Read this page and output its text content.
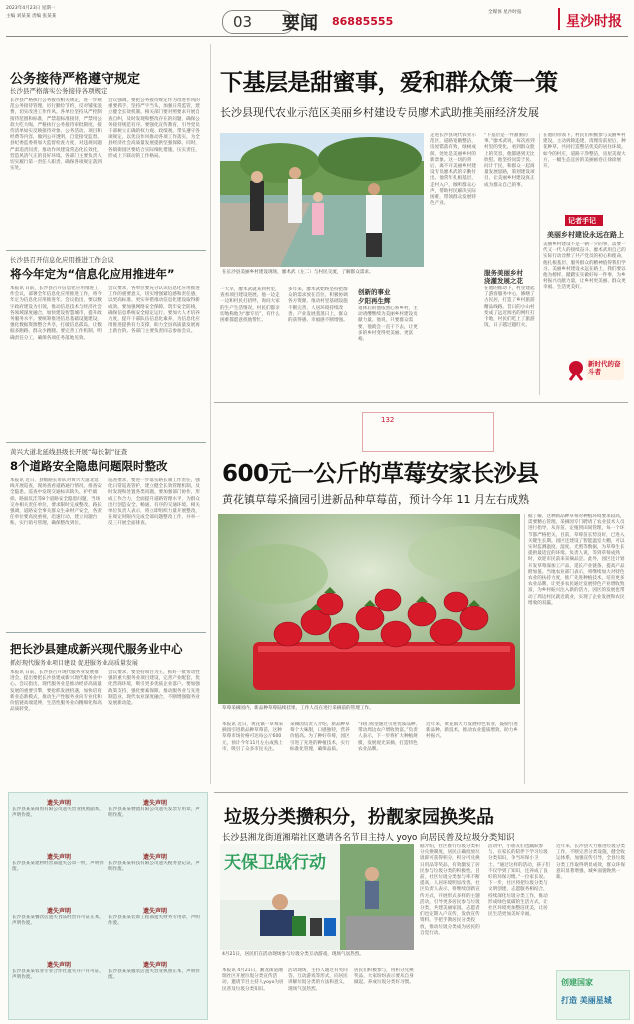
2023年4月23日 星期一
主编 刘某某 责编 张某某	03 要闻 86885555
全媒体 星沙时报
星沙时报
公务接待严格遵守规定
长沙县严格落实公务接待各项规定
长沙县严格执行公务接待相关规定，进一步规范公务接待管理，厉行勤俭节约，反对铺张浪费，切实改进工作作风。各单位坚持从严控制接待范围和标准，严禁超标准接待，严禁用公款大吃大喝，严格执行公务接待审批制度，接待清单如实反映接待对象、公务活动、项目和经费等内容，做到公开透明，自觉接受监督。县纪委监委将加大监督检查力度，对违规问题严肃追责问责，推动作风建设常态化长效化，营造风清气正的良好环境。各部门主要负责人切实履行第一责任人职责，确保各项规定落到实处。
会议强调，要把公务接待规定作为改进作风的重要抓手，坚持严字当头，加强日常监管，建立健全长效机制。相关部门要对照要求开展自查自纠，及时发现和整改存在的问题，确保公务接待规范有序。要强化宣传教育，引导党员干部树立正确的权力观、政绩观，带头遵守各项规定，以优良作风推动各项工作落实，为全县经济社会高质量发展提供坚强保障。同时，各镇街园区要结合实际细化措施，压实责任，形成上下联动的工作格局。
长沙县召开信息化应用推进工作会议
将今年定为“信息化应用推进年”
本报讯 日前，长沙县召开信息化应用推进工作会议，部署全年信息化应用推进工作，将今年定为信息化应用推进年。会议指出，要以数字政府建设为引领，推动信息技术与经济社会各领域深度融合，加快建设智慧城市，提升政务服务水平。要统筹推进信息基础设施建设，强化数据资源整合共享，打破信息孤岛，让数据多跑路、群众少跑腿。要完善工作机制，明确责任分工，确保各项任务落地见效。
会议要求，各单位要充分认识信息化应用推进工作的重要意义，切实增强紧迫感和责任感，以更高标准、更实举措推动信息化建设取得新成效。要加强网络安全保障，筑牢安全防线，确保信息系统安全稳定运行。要加大人才培养力度，提升干部队伍信息化素养，为信息化应用推进提供有力支撑，助力全县高质量发展再上新台阶。各部门主要负责同志参加会议。
黄兴大道北延线县级长开展“每长制”征查
8个道路安全隐患问题限时整改
本报讯 近日，县级路长带队对黄兴大道北延线开展巡查，现场查看道路通行情况，排查安全隐患。巡查中发现交通标识缺失、护栏破损、路面坑洼等8个道路安全隐患问题，当场交办相关责任单位，要求限时完成整改。路长强调，道路安全事关群众生命财产安全，各责任单位要高度重视，迅速行动，建立问题台账，实行销号管理，确保整改到位。
巡查要求，要进一步落实路长制工作责任，强化日常巡查管护，建立健全长效管理机制，及时发现和处置各类问题。要加强部门协作，形成工作合力，全面提升道路管理水平，为群众出行创造安全、畅通、有序的交通环境。相关单位负责人表示，将立即组织力量开展整改，在规定时限内完成全部问题整改工作，并举一反三开展全面排查。
把长沙县建成新兴现代服务业中心
抓好现代服务业项目建设 促进服务业高质量发展
本报讯 日前，长沙县召开现代服务业发展推进会，提出要把长沙县建成新兴现代服务业中心。会议指出，现代服务业是推动经济高质量发展的重要引擎，要抢抓发展机遇，加快培育新业态新模式，推动生产性服务业向专业化和价值链高端延伸，生活性服务业向精细化和高品质转变。
会议要求，要坚持项目为王，抓好一批带动性强的重大服务业项目建设，完善产业配套，优化营商环境，吸引更多优质企业落户。要加强政策支持，强化要素保障，推动服务业与先进制造业、现代农业深度融合，不断增强服务业发展新动能。
下基层是甜蜜事，爱和群众策一策
长沙县现代农业示范区美丽乡村建设专员廖术武助推美丽经济发展
在长沙县美丽乡村建设现场，廖术武（左二）与村民交流，了解群众需求。
走进长沙县现代农业示范区，道路宽敞整洁，房屋错落有致，绿树成荫，处处是美丽乡村的新景象。这一切的背后，离不开美丽乡村建设专员廖术武的辛勤付出。他常年扎根基层，走村入户，倾听群众心声，帮助村民解决实际困难，带领群众发展特色产业。
“下基层是一件甜蜜的事。”廖术武说，每次看到村里的变化，看到群众脸上的笑容，他都感到无比欣慰。他坚持问需于民、问计于民，和群众一起商量发展思路，策划建设项目，让美丽乡村建设真正成为群众自己的事。
服务美丽乡村
浇灌发展之花
在他的推动下，村里建起了游客服务中心，修缮了古民居，打造了乡村旅游精品线路。昔日的小山村变成了远近闻名的网红打卡地，村民们吃上了旅游饭，日子越过越红火。
一大早，廖术武就来到村里，查看项目建设进展。他一边走一边和村民打招呼，询问大家的生产生活情况。村民们都亲切地称他为“廖专员”，有什么困难都愿意找他帮忙。
多年来，廖术武始终坚持把群众的需求放在首位，积极协调各方资源，推动村里基础设施不断完善，人居环境持续改善，产业发展蒸蒸日上，群众的获得感、幸福感不断增强。
创新的事业
夕阳再生辉
退休后的他依然心系乡村，主动请缨继续为美丽乡村建设贡献力量。他说，只要群众需要，他就会一直干下去，让更多的乡村变得更美丽、更富裕。
在他的带领下，村民们积极参与美丽乡村建设，主动拆除违建，清理房前屋后，种花种草，共同打造整洁优美的居住环境。如今的村庄，道路干净整洁，房屋美观大方，一幅生态宜居的美丽画卷正徐徐展开。
记者手记
美丽乡村建设永远在路上
美丽乡村建设不是一朝一夕的事，需要一代又一代人的接续奋斗。廖术武用自己的实际行动诠释了共产党员的初心和使命，他扎根基层、服务群众的精神值得我们学习。美丽乡村建设永远在路上，我们要以他为榜样，踏踏实实做好每一件事，为乡村振兴贡献力量，让乡村更美丽、群众更幸福、生活更美好。
新时代的奋斗者
132
600元一公斤的草莓安家长沙县
黄花镇草莓采摘园引进新品种草莓苗，预计今年 11 月左右成熟
草莓采摘园内，新品种草莓陆续挂果，工作人员在进行采摘前的管理工作。
本报讯 近日，黄花镇一草莓采摘园引进新品种草莓苗，这种草莓市场价格可达每公斤600元，预计今年11月左右成熟上市，吸引了众多市民关注。
采摘园负责人介绍，新品种草莓个大味甜，口感独特，营养价值高。为了种好草莓，园区引进了先进的种植技术，实行标准化管理，确保品质。
“我们希望通过引进优质品种，带动周边农户增收致富。”负责人表示，下一步将扩大种植规模，发展观光采摘，打造特色农业品牌。
近年来，黄花镇大力发展特色农业，鼓励引进新品种、新技术，推动农业提质增效，助力乡村振兴。
据了解，这种新品种草莓对种植环境要求较高，需要精心管理。采摘园专门聘请了农业技术人员进行指导，从育苗、定植到田间管理，每一个环节都严格把关。目前，草莓苗长势良好，已进入关键生长期。园区还建设了智能温室大棚，可以实时监测温度、湿度、光照等数据，为草莓生长提供最适宜的环境。负责人说，等到草莓成熟时，欢迎市民前来采摘品尝。此外，园区还计划开发草莓深加工产品，延长产业链条，提高产品附加值。当地农业部门表示，将继续加大对特色农业的扶持力度，推广先进种植技术，培育更多农业品牌，让更多农民通过发展特色产业增收致富，为乡村振兴注入新的活力。园区的发展也带动了周边村民就近就业，实现了企业发展和农民增收的双赢。
遗失声明
长沙县某某商贸有限公司遗失营业执照副本，声明作废。
遗失声明
长沙县某某建材经营部遗失公章一枚，声明作废。
遗失声明
长沙县某某餐饮店遗失食品经营许可证正本，声明作废。
遗失声明
长沙县某某农业专业合作社遗失开户许可证，声明作废。
遗失声明
长沙县某某物流有限公司遗失发票专用章，声明作废。
遗失声明
长沙县某某科技有限公司遗失税务登记证，声明作废。
遗失声明
长沙县某某装饰工程部遗失财务专用章，声明作废。
遗失声明
长沙县某某服装店遗失营业执照正本，声明作废。
垃圾分类攒积分，扮靓家园换奖品
长沙县湘龙街道湘瑞社区邀请各名节目主持人 yoyo 向居民普及垃圾分类知识
天保卫战行动
4月21日，居民们在活动现场参与垃圾分类互动游戏，现场气氛热烈。
本报讯 4月21日，湘龙街道湘瑞社区开展垃圾分类宣传活动，邀请节目主持人yoyo为居民普及垃圾分类知识。
活动现场，主持人通过有奖问答、互动游戏等形式，向居民讲解垃圾分类的方法和意义，现场气氛热烈。
居民们积极参与，用积分兑换奖品，大家纷纷表示要从自身做起，养成垃圾分类好习惯。
据介绍，社区推行垃圾分类积分兑换制度，居民正确投放垃圾即可获得积分，积分可兑换日用品等奖品，有效激发了居民参与垃圾分类的积极性。目前，社区垃圾分类参与率不断提高，人居环境明显改善。社区负责人表示，将继续创新宣传方式，开展形式多样的主题活动，引导更多居民参与垃圾分类，共建美丽家园。志愿者们也定期入户宣传，发放宣传资料，手把手教居民分类投放，推动垃圾分类成为居民的自觉行动。
活动中，小朋友们也踊跃参与，在家长的陪伴下学习垃圾分类知识，争当环保小卫士。“通过这样的活动，孩子们不仅学到了知识，还养成了良好的环保习惯。”一位家长说。下一步，社区将把垃圾分类与文明创建、志愿服务相结合，持续深化垃圾分类工作，推动形成绿色低碳的生活方式，让社区环境更加整洁优美，让居民生活更加美好幸福。
近年来，长沙县大力推进垃圾分类工作，不断完善分类设施，健全收运体系，加强宣传引导，全县垃圾分类工作取得明显成效，群众环保意识显著增强，城乡面貌焕然一新。
创建国家
打造 美丽星城
